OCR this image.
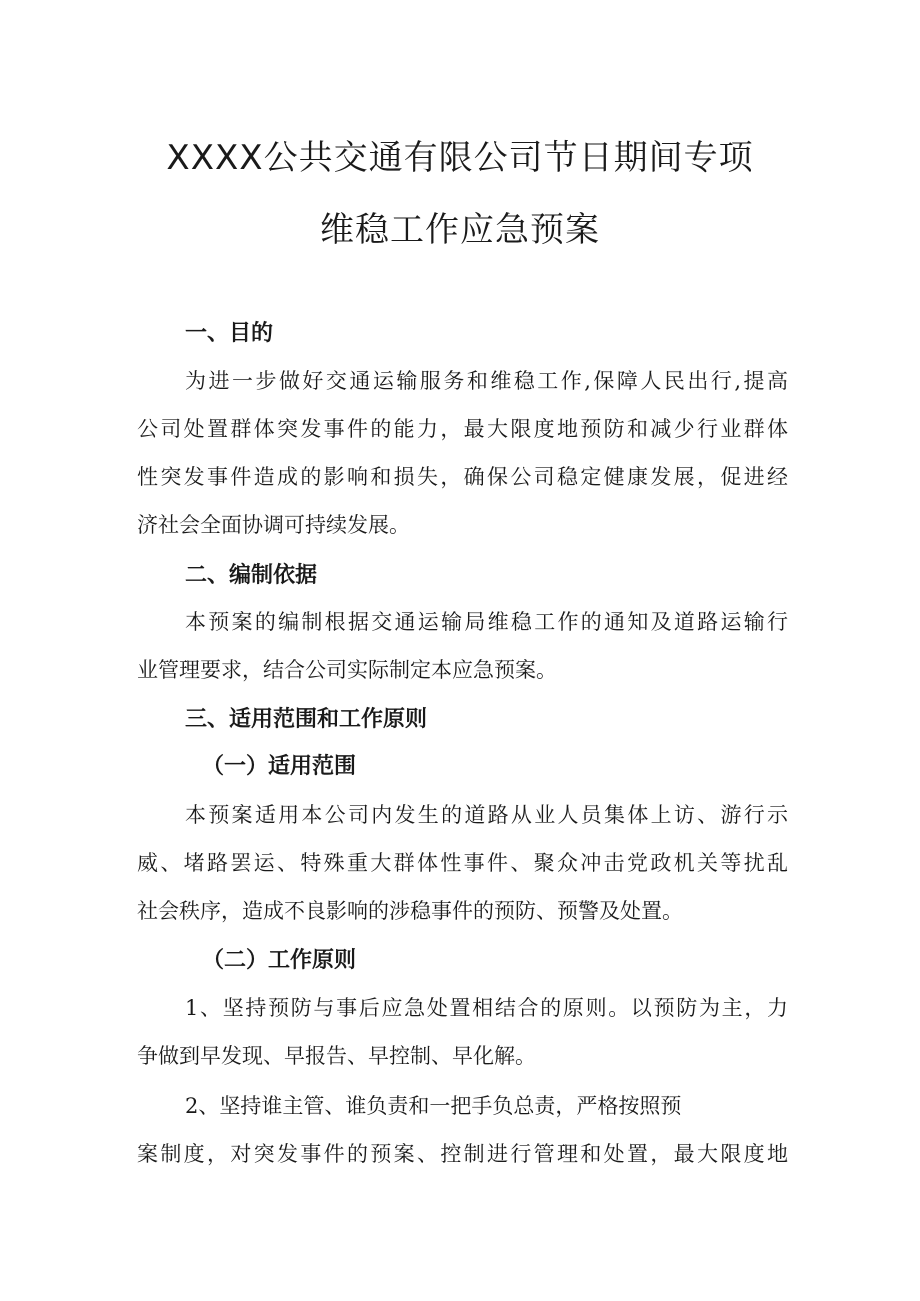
XXXX公共交通有限公司节日期间专项
维稳工作应急预案
一、目的
为进一步做好交通运输服务和维稳工作,保障人民出行,提高
公司处置群体突发事件的能力，最大限度地预防和减少行业群体
性突发事件造成的影响和损失，确保公司稳定健康发展，促进经
济社会全面协调可持续发展。
二、编制依据
本预案的编制根据交通运输局维稳工作的通知及道路运输行
业管理要求，结合公司实际制定本应急预案。
三、适用范围和工作原则
（一）适用范围
本预案适用本公司内发生的道路从业人员集体上访、游行示
威、堵路罢运、特殊重大群体性事件、聚众冲击党政机关等扰乱
社会秩序，造成不良影响的涉稳事件的预防、预警及处置。
（二）工作原则
1、坚持预防与事后应急处置相结合的原则。以预防为主，力
争做到早发现、早报告、早控制、早化解。
2、坚持谁主管、谁负责和一把手负总责，严格按照预
案制度，对突发事件的预案、控制进行管理和处置，最大限度地
